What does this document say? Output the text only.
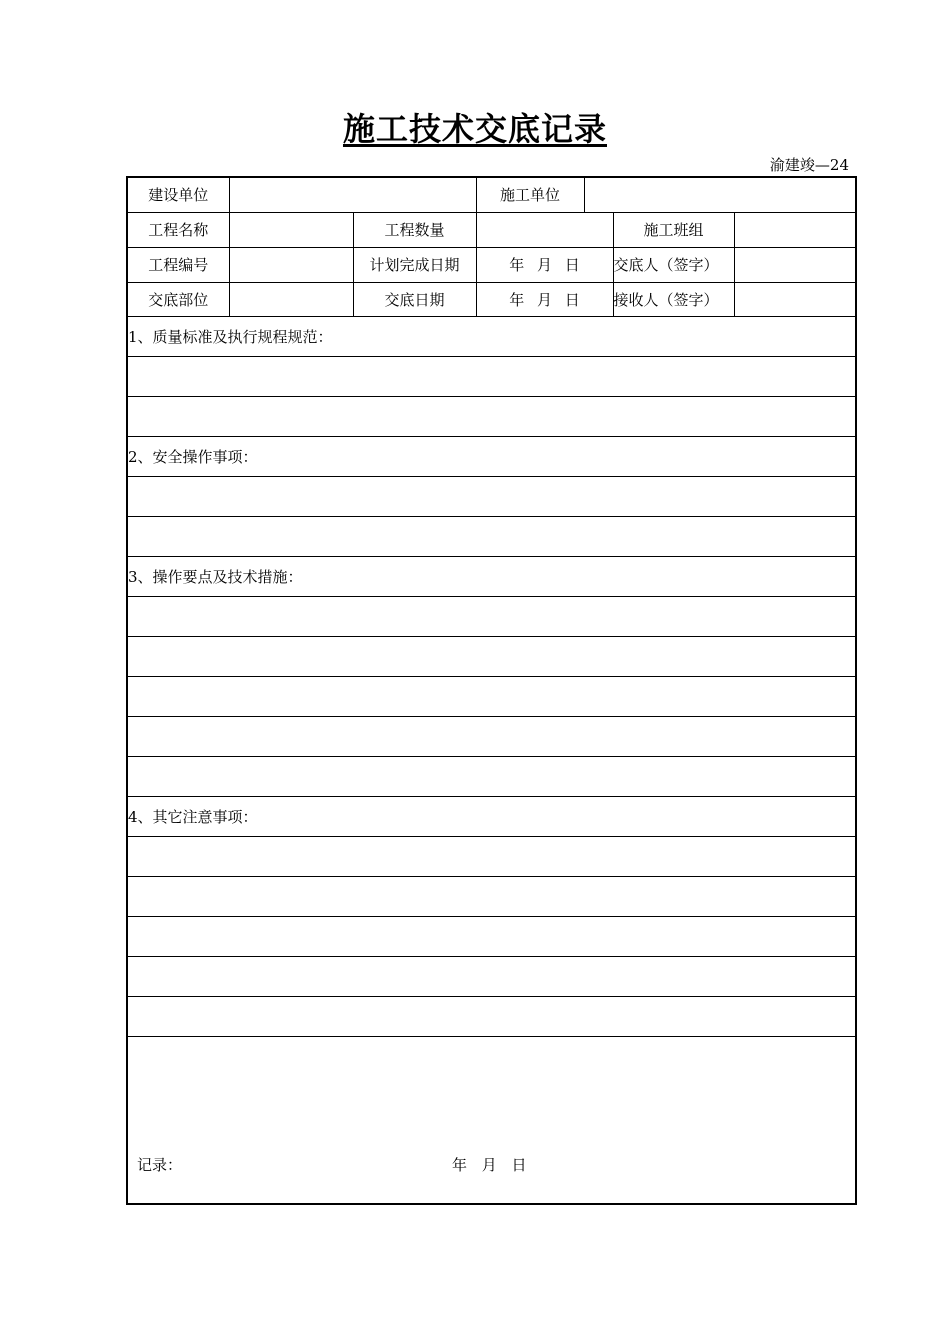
施工技术交底记录
渝建竣—24
建设单位			施工单位			
工程名称		工程数量			施工班组	
工程编号		计划完成日期	年 月 日		交底人（签字）	
交底部位		交底日期	年 月 日		接收人（签字）	
1、质量标准及执行规程规范：						

2、安全操作事项：						

3、操作要点及技术措施：						

4、其它注意事项：						

记录： 年 月 日						
